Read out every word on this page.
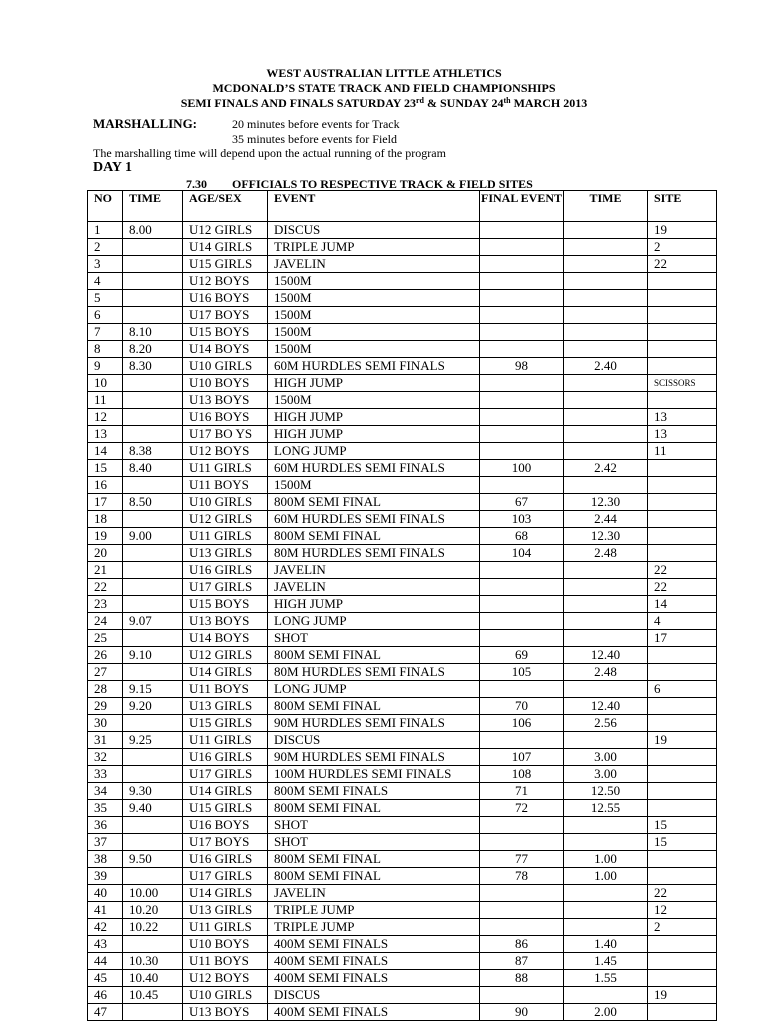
WEST AUSTRALIAN LITTLE ATHLETICS
MCDONALD’S STATE TRACK AND FIELD CHAMPIONSHIPS
SEMI FINALS AND FINALS SATURDAY 23rd & SUNDAY 24th MARCH 2013
MARSHALLING:	20 minutes before events for Track
35 minutes before events for Field
The marshalling time will depend upon the actual running of the program
DAY 1
7.30 OFFICIALS TO RESPECTIVE TRACK & FIELD SITES
NO	TIME	AGE/SEX	EVENT	FINAL EVENT	TIME	SITE
1	8.00	U12 GIRLS	DISCUS			19
2		U14 GIRLS	TRIPLE JUMP			2
3		U15 GIRLS	JAVELIN			22
4		U12 BOYS	1500M			
5		U16 BOYS	1500M			
6		U17 BOYS	1500M			
7	8.10	U15 BOYS	1500M			
8	8.20	U14 BOYS	1500M			
9	8.30	U10 GIRLS	60M HURDLES SEMI FINALS	98	2.40	
10		U10 BOYS	HIGH JUMP			SCISSORS
11		U13 BOYS	1500M			
12		U16 BOYS	HIGH JUMP			13
13		U17 BO YS	HIGH JUMP			13
14	8.38	U12 BOYS	LONG JUMP			11
15	8.40	U11 GIRLS	60M HURDLES SEMI FINALS	100	2.42	
16		U11 BOYS	1500M			
17	8.50	U10 GIRLS	800M SEMI FINAL	67	12.30	
18		U12 GIRLS	60M HURDLES SEMI FINALS	103	2.44	
19	9.00	U11 GIRLS	800M SEMI FINAL	68	12.30	
20		U13 GIRLS	80M HURDLES SEMI FINALS	104	2.48	
21		U16 GIRLS	JAVELIN			22
22		U17 GIRLS	JAVELIN			22
23		U15 BOYS	HIGH JUMP			14
24	9.07	U13 BOYS	LONG JUMP			4
25		U14 BOYS	SHOT			17
26	9.10	U12 GIRLS	800M SEMI FINAL	69	12.40	
27		U14 GIRLS	80M HURDLES SEMI FINALS	105	2.48	
28	9.15	U11 BOYS	LONG JUMP			6
29	9.20	U13 GIRLS	800M SEMI FINAL	70	12.40	
30		U15 GIRLS	90M HURDLES SEMI FINALS	106	2.56	
31	9.25	U11 GIRLS	DISCUS			19
32		U16 GIRLS	90M HURDLES SEMI FINALS	107	3.00	
33		U17 GIRLS	100M HURDLES SEMI FINALS	108	3.00	
34	9.30	U14 GIRLS	800M SEMI FINALS	71	12.50	
35	9.40	U15 GIRLS	800M SEMI FINAL	72	12.55	
36		U16 BOYS	SHOT			15
37		U17 BOYS	SHOT			15
38	9.50	U16 GIRLS	800M SEMI FINAL	77	1.00	
39		U17 GIRLS	800M SEMI FINAL	78	1.00	
40	10.00	U14 GIRLS	JAVELIN			22
41	10.20	U13 GIRLS	TRIPLE JUMP			12
42	10.22	U11 GIRLS	TRIPLE JUMP			2
43		U10 BOYS	400M SEMI FINALS	86	1.40	
44	10.30	U11 BOYS	400M SEMI FINALS	87	1.45	
45	10.40	U12 BOYS	400M SEMI FINALS	88	1.55	
46	10.45	U10 GIRLS	DISCUS			19
47		U13 BOYS	400M SEMI FINALS	90	2.00	
